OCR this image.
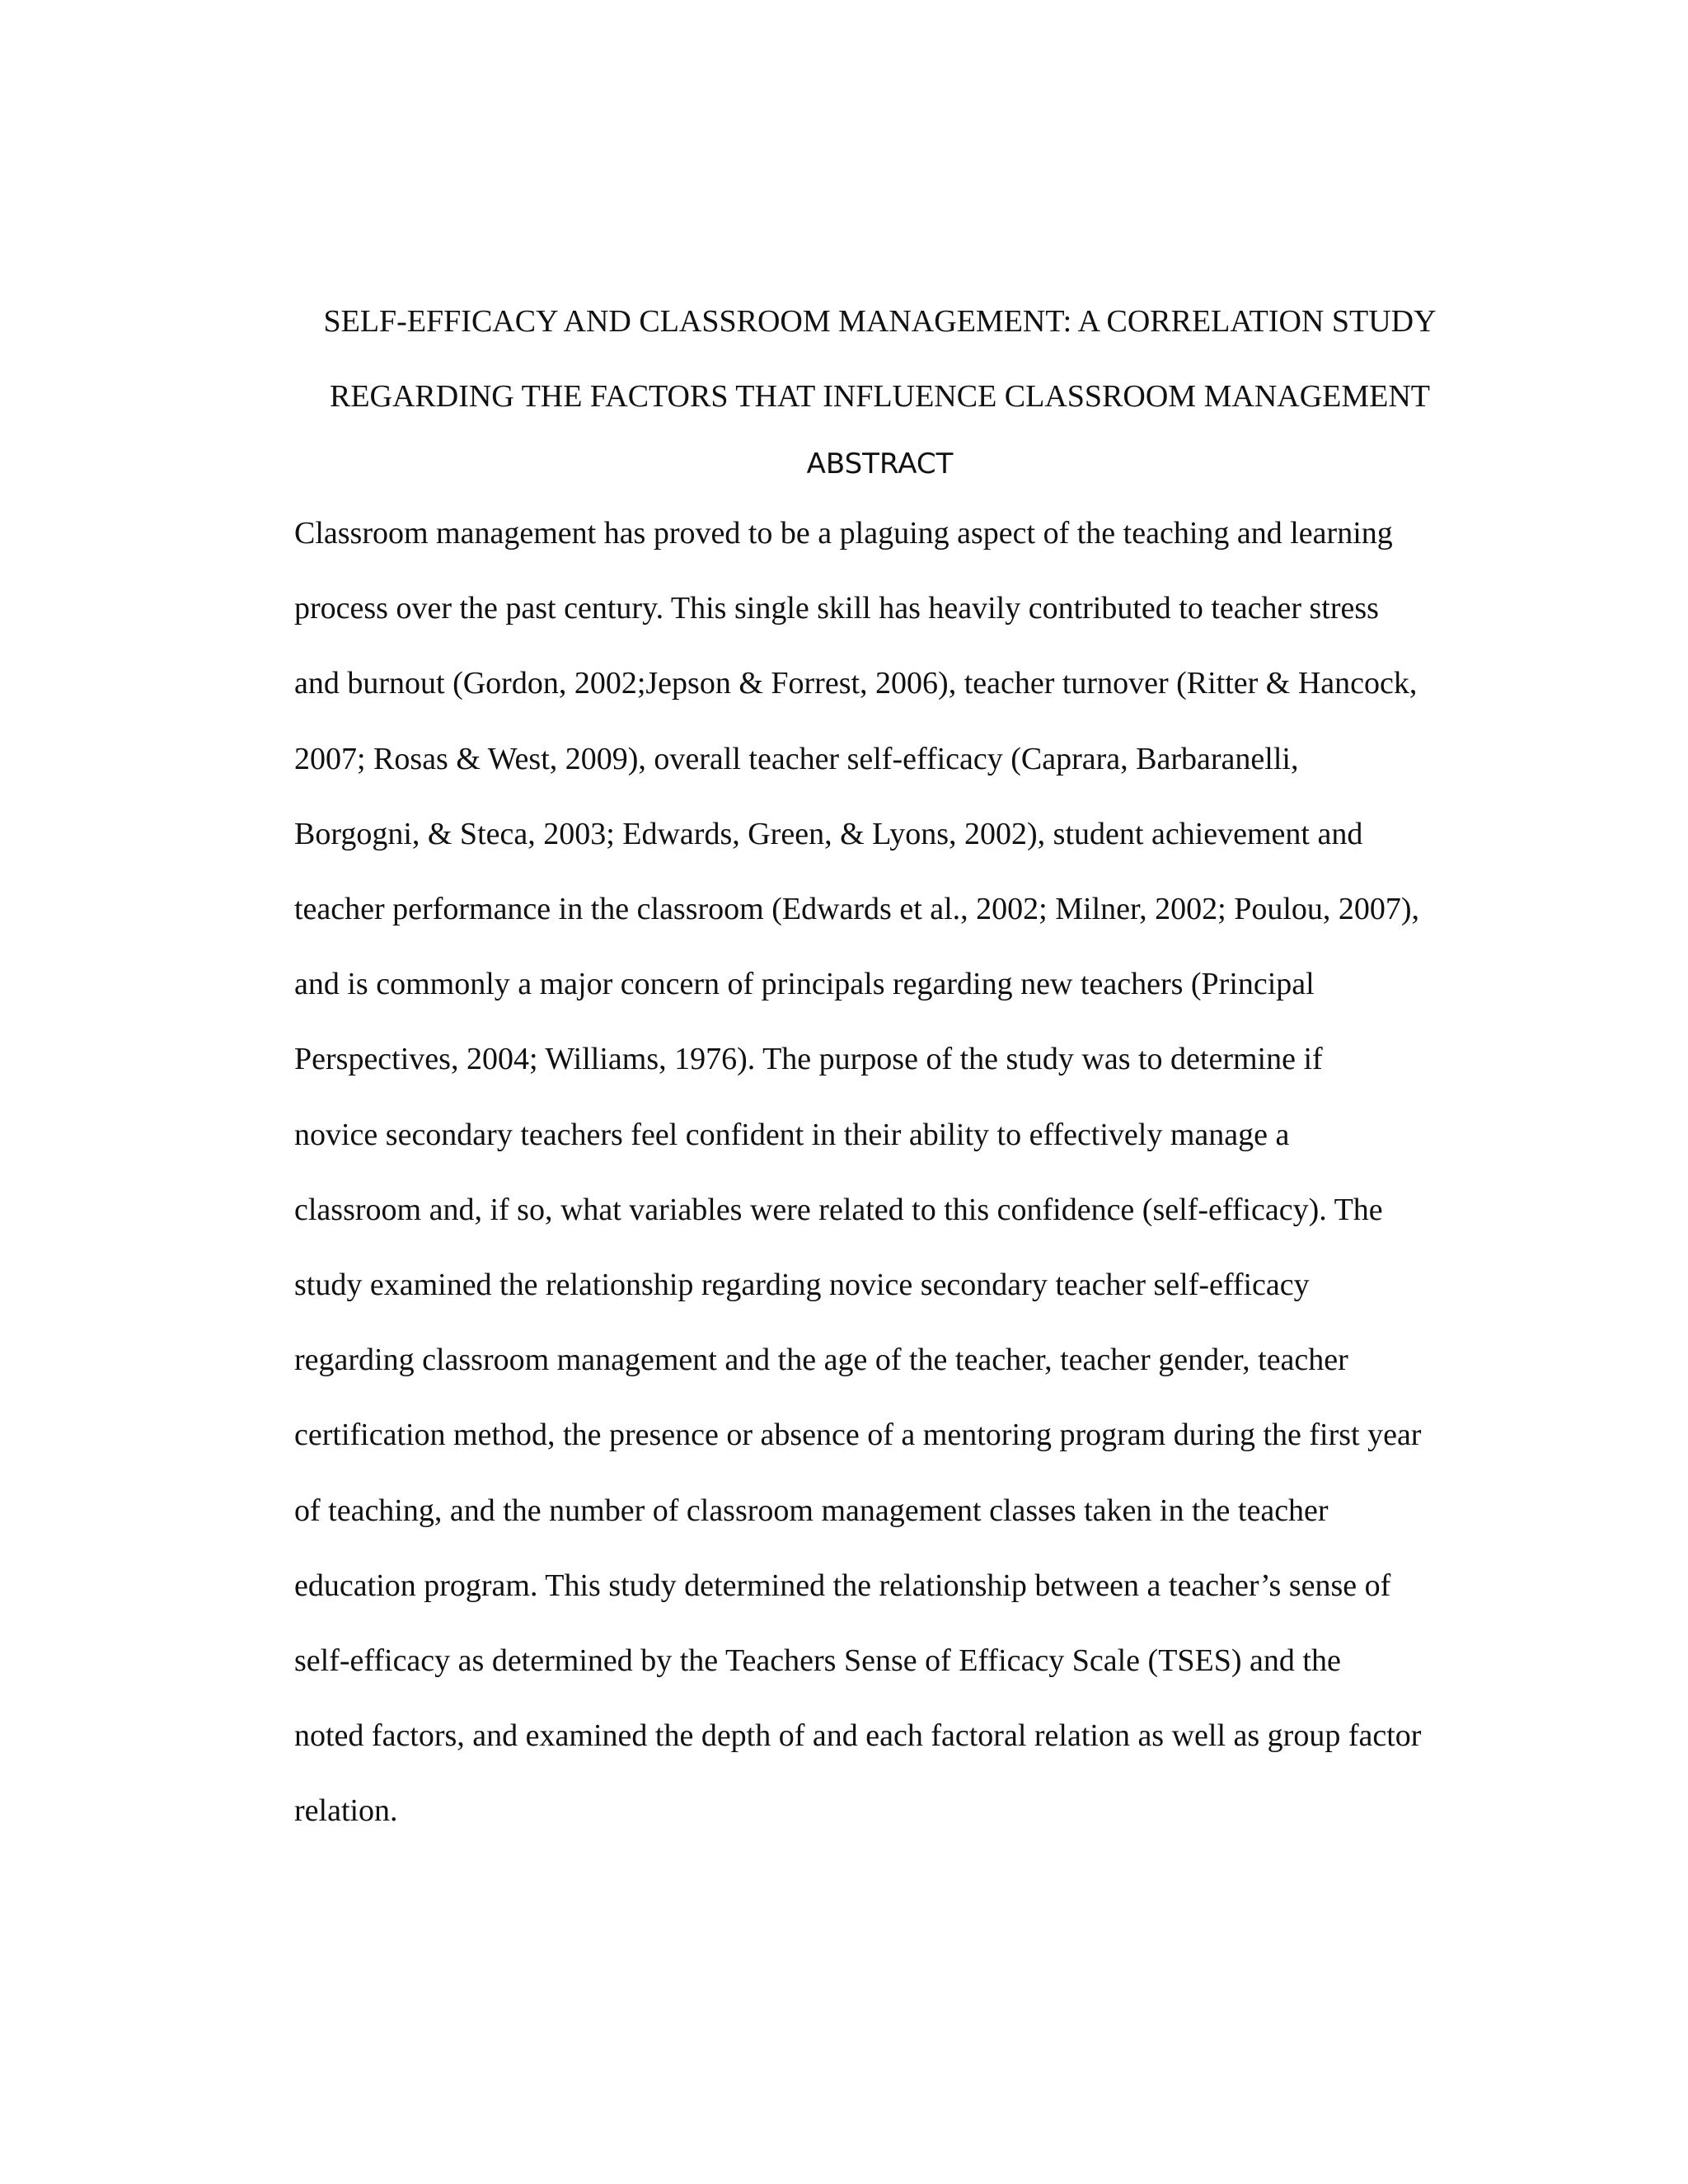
SELF-EFFICACY AND CLASSROOM MANAGEMENT: A CORRELATION STUDY
REGARDING THE FACTORS THAT INFLUENCE CLASSROOM MANAGEMENT
ABSTRACT
Classroom management has proved to be a plaguing aspect of the teaching and learning
process over the past century. This single skill has heavily contributed to teacher stress
and burnout (Gordon, 2002;Jepson & Forrest, 2006), teacher turnover (Ritter & Hancock,
2007; Rosas & West, 2009), overall teacher self-efficacy (Caprara, Barbaranelli,
Borgogni, & Steca, 2003; Edwards, Green, & Lyons, 2002), student achievement and
teacher performance in the classroom (Edwards et al., 2002; Milner, 2002; Poulou, 2007),
and is commonly a major concern of principals regarding new teachers (Principal
Perspectives, 2004; Williams, 1976). The purpose of the study was to determine if
novice secondary teachers feel confident in their ability to effectively manage a
classroom and, if so, what variables were related to this confidence (self-efficacy). The
study examined the relationship regarding novice secondary teacher self-efficacy
regarding classroom management and the age of the teacher, teacher gender, teacher
certification method, the presence or absence of a mentoring program during the first year
of teaching, and the number of classroom management classes taken in the teacher
education program. This study determined the relationship between a teacher’s sense of
self-efficacy as determined by the Teachers Sense of Efficacy Scale (TSES) and the
noted factors, and examined the depth of and each factoral relation as well as group factor
relation.
